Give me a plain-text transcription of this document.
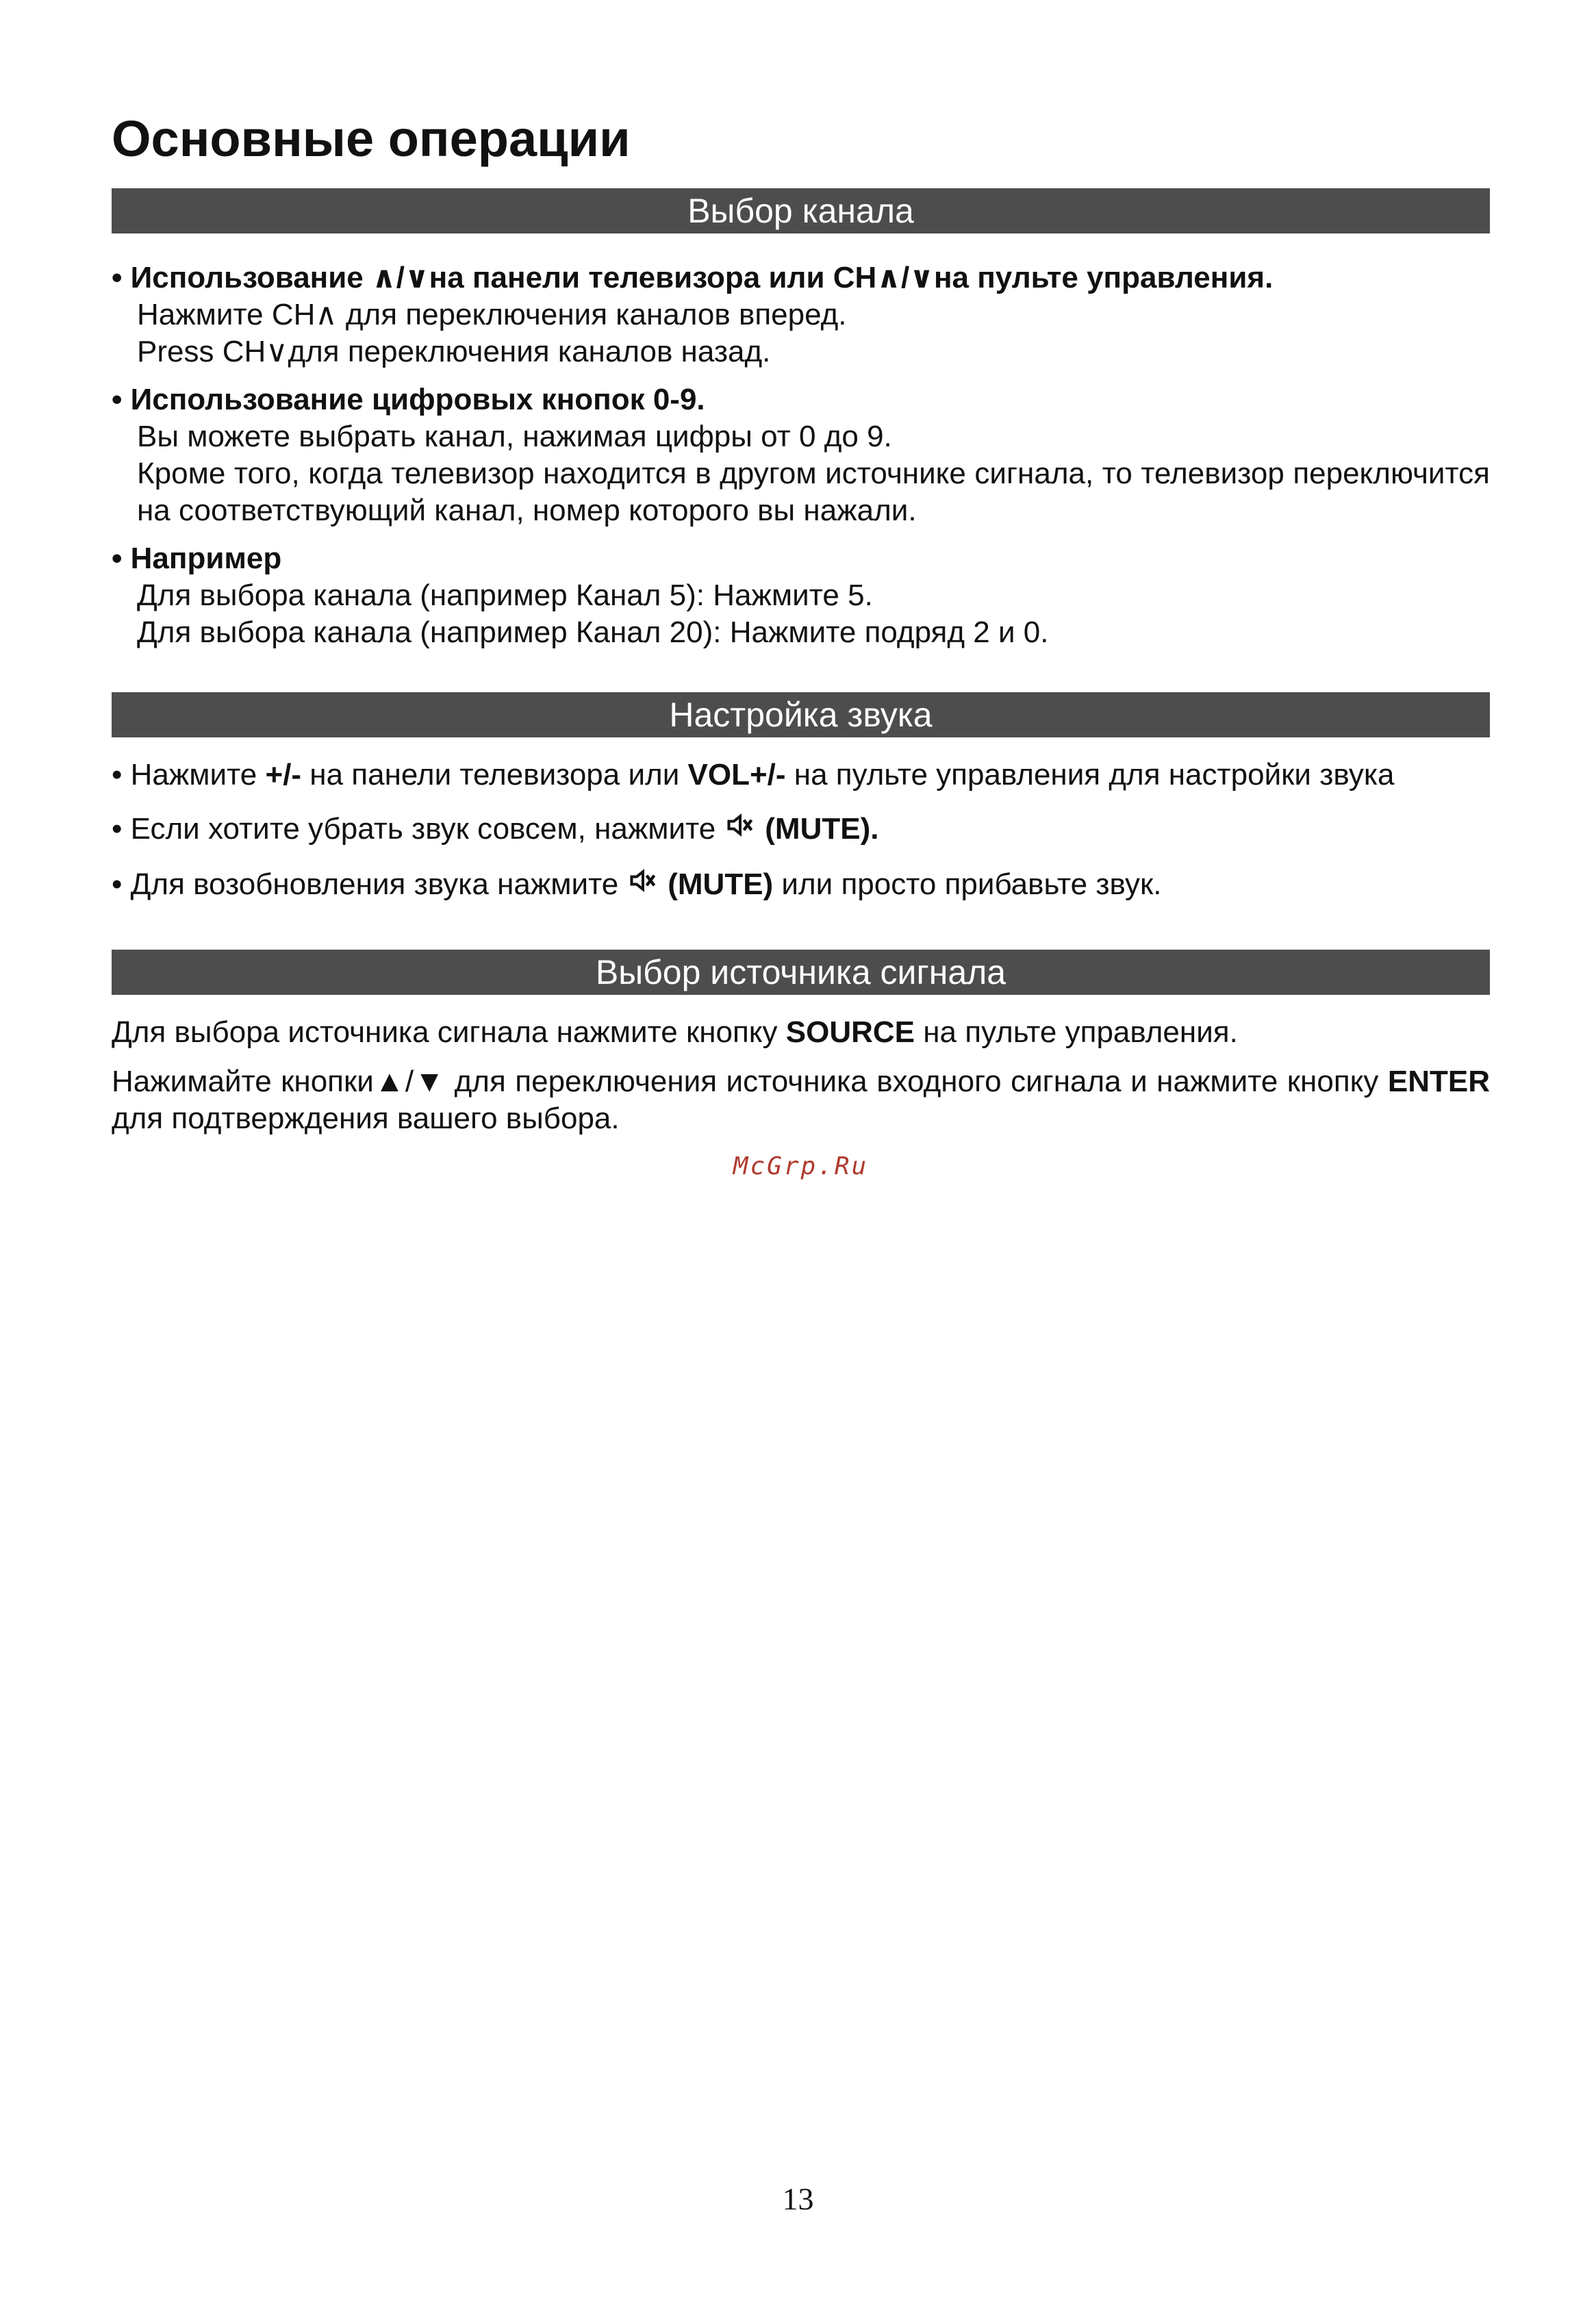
Основные операции
Выбор канала
• Использование ∧/∨на панели телевизора или CH∧/∨на пульте управления.
Нажмите CH∧ для переключения каналов вперед.
Press CH∨для переключения каналов назад.
• Использование цифровых кнопок 0-9.
Вы можете выбрать канал, нажимая цифры от 0 до 9.
Кроме того, когда телевизор находится в другом источнике сигнала, то телевизор переключится на соответствующий канал, номер которого вы нажали.
• Например
Для выбора канала (например Канал 5): Нажмите 5.
Для выбора канала (например Канал 20): Нажмите подряд 2 и 0.
Настройка звука
• Нажмите +/- на панели телевизора или VOL+/- на пульте управления для настройки звука
• Если хотите убрать звук совсем, нажмите (MUTE).
• Для возобновления звука нажмите (MUTE) или просто прибавьте звук.
Выбор источника сигнала
Для выбора источника сигнала нажмите кнопку SOURCE на пульте управления.
Нажимайте кнопки▲/▼ для переключения источника входного сигнала и нажмите кнопку ENTER для подтверждения вашего выбора.
McGrp.Ru
13
